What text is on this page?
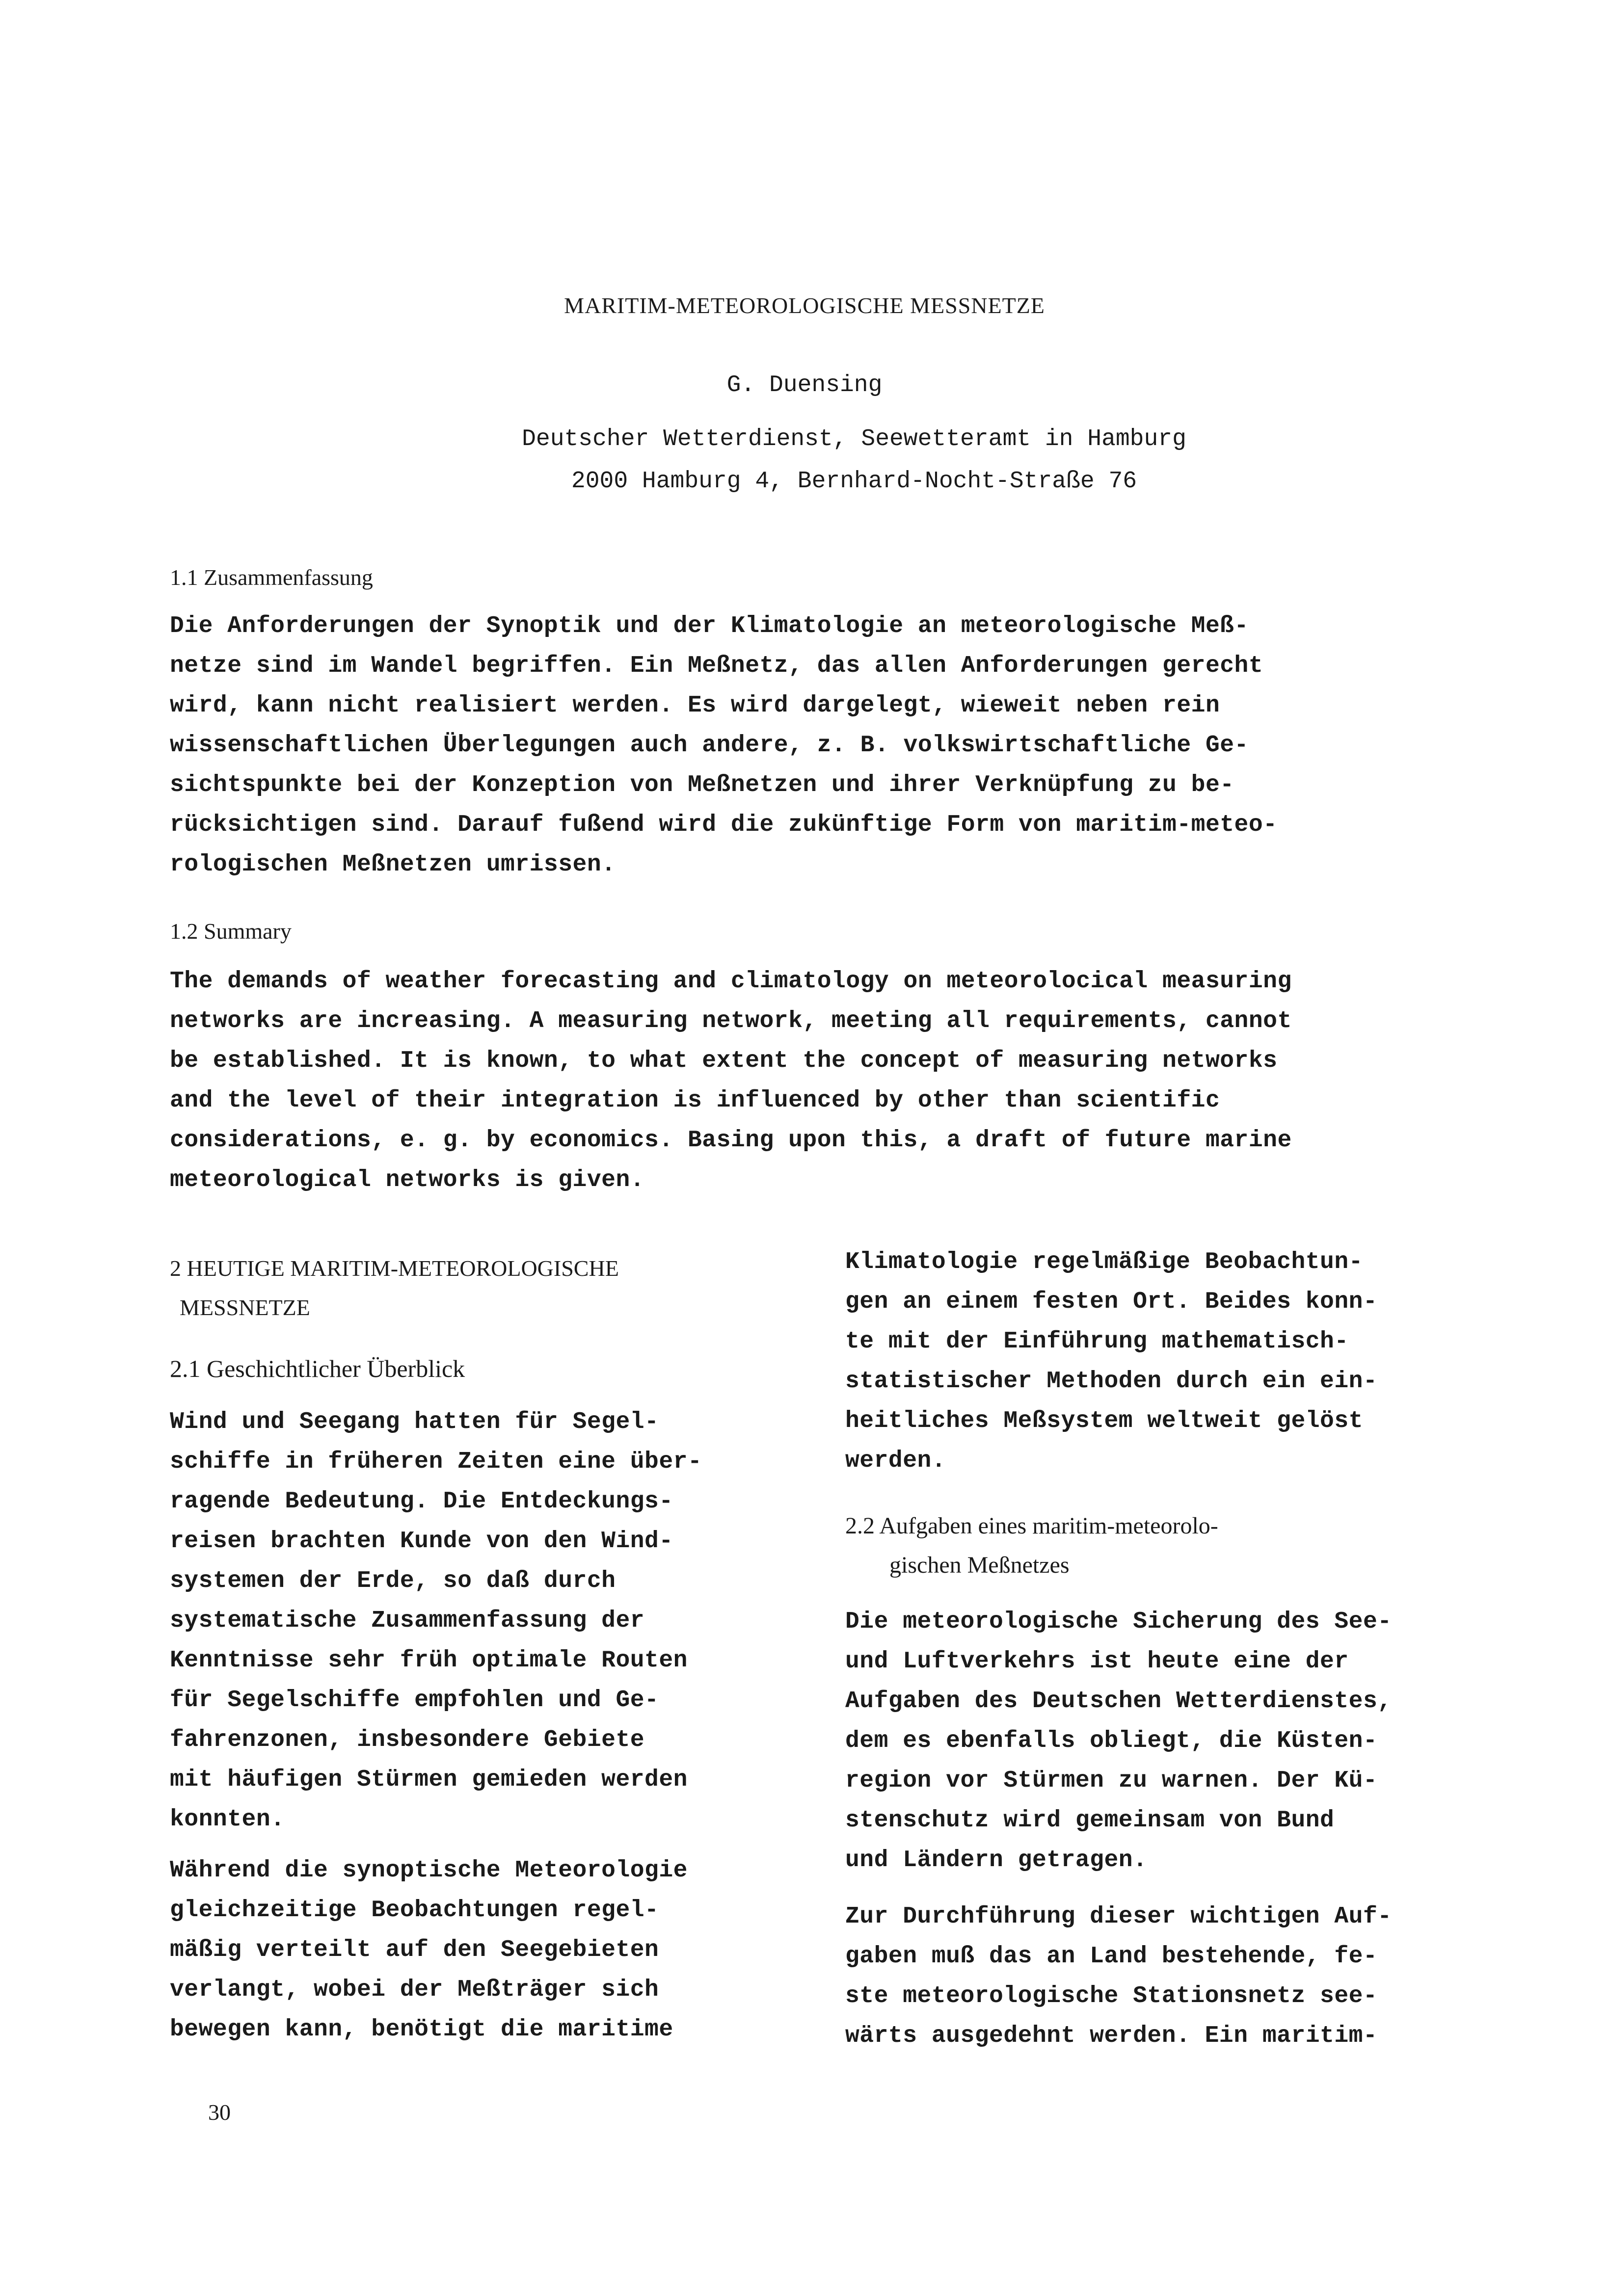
MARITIM-METEOROLOGISCHE MESSNETZE
G. Duensing
Deutscher Wetterdienst, Seewetteramt in Hamburg
2000 Hamburg 4, Bernhard-Nocht-Straße 76
1.1 Zusammenfassung
Die Anforderungen der Synoptik und der Klimatologie an meteorologische Meß-
netze sind im Wandel begriffen. Ein Meßnetz, das allen Anforderungen gerecht
wird, kann nicht realisiert werden. Es wird dargelegt, wieweit neben rein
wissenschaftlichen Überlegungen auch andere, z. B. volkswirtschaftliche Ge-
sichtspunkte bei der Konzeption von Meßnetzen und ihrer Verknüpfung zu be-
rücksichtigen sind. Darauf fußend wird die zukünftige Form von maritim-meteo-
rologischen Meßnetzen umrissen.
1.2 Summary
The demands of weather forecasting and climatology on meteorolocical measuring
networks are increasing. A measuring network, meeting all requirements, cannot
be established. It is known, to what extent the concept of measuring networks
and the level of their integration is influenced by other than scientific
considerations, e. g. by economics. Basing upon this, a draft of future marine
meteorological networks is given.
2 HEUTIGE MARITIM-METEOROLOGISCHE
MESSNETZE
2.1 Geschichtlicher Überblick
Wind und Seegang hatten für Segel-
schiffe in früheren Zeiten eine über-
ragende Bedeutung. Die Entdeckungs-
reisen brachten Kunde von den Wind-
systemen der Erde, so daß durch
systematische Zusammenfassung der
Kenntnisse sehr früh optimale Routen
für Segelschiffe empfohlen und Ge-
fahrenzonen, insbesondere Gebiete
mit häufigen Stürmen gemieden werden
konnten.
Während die synoptische Meteorologie
gleichzeitige Beobachtungen regel-
mäßig verteilt auf den Seegebieten
verlangt, wobei der Meßträger sich
bewegen kann, benötigt die maritime
Klimatologie regelmäßige Beobachtun-
gen an einem festen Ort. Beides konn-
te mit der Einführung mathematisch-
statistischer Methoden durch ein ein-
heitliches Meßsystem weltweit gelöst
werden.
2.2 Aufgaben eines maritim-meteorolo-
gischen Meßnetzes
Die meteorologische Sicherung des See-
und Luftverkehrs ist heute eine der
Aufgaben des Deutschen Wetterdienstes,
dem es ebenfalls obliegt, die Küsten-
region vor Stürmen zu warnen. Der Kü-
stenschutz wird gemeinsam von Bund
und Ländern getragen.
Zur Durchführung dieser wichtigen Auf-
gaben muß das an Land bestehende, fe-
ste meteorologische Stationsnetz see-
wärts ausgedehnt werden. Ein maritim-
30
